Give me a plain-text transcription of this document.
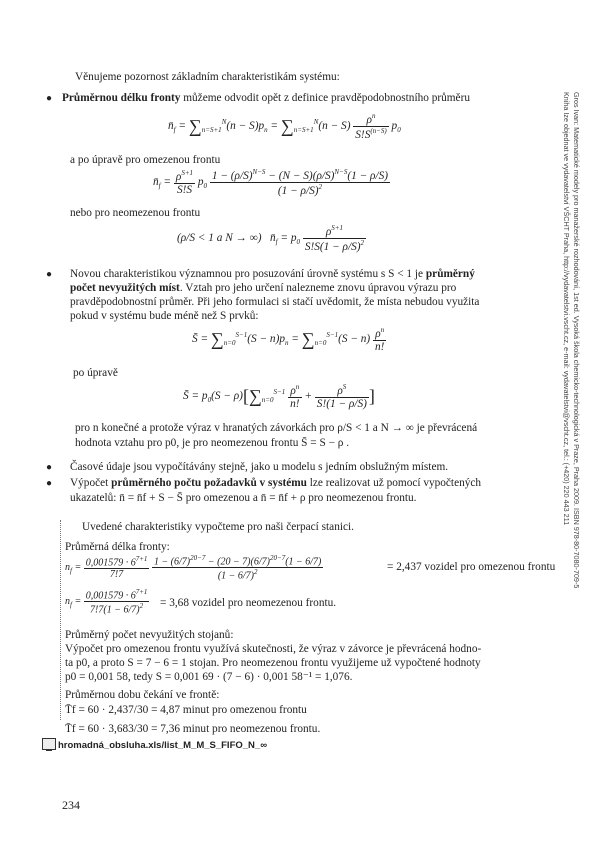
Věnujeme pozornost základním charakteristikám systému:
● Průměrnou délku fronty můžeme odvodit opět z definice pravděpodobnostního průměru
$n̄_f = \sum_{n=S+1}^N(n - S)p_n = \sum_{n=S+1}^N(n - S) \frac{\rho^n}{S!S^{(n-S)}} p_0$
a po úpravě pro omezenou frontu
$n̄_f = \frac{\rho^{S+1}}{S!S} p_0 \frac{1 - (\rho/S)^{N-S} - (N - S)(\rho/S)^{N-S}(1 - \rho/S)}{(1 - \rho/S)^2}$
nebo pro neomezenou frontu
(ρ/S < 1 a N → ∞)   $n̄_f = p_0 \frac{\rho^{S+1}}{S!S(1 - \rho/S)^2}$
● Novou charakteristikou významnou pro posuzování úrovně systému s S < 1 je průměrný
počet nevyužitých míst. Vztah pro jeho určení nalezneme znovu úpravou výrazu pro
pravděpodobnostní průměr. Při jeho formulaci si stačí uvědomit, že místa nebudou využita
pokud v systému bude méně než S prvků:
S̄ = $\sum_{n=0}^{S-1}(S - n)p_n = \sum_{n=0}^{S-1}(S - n) \frac{\rho^n}{n!}$
po úpravě
S̄ = $p_0(S - \rho)[\sum_{n=0}^{S-1} \frac{\rho^n}{n!} + \frac{\rho^S}{S!(1 - \rho/S)}$ ]
pro n konečné a protože výraz v hranatých závorkách pro ρ/S < 1 a N → ∞ je převrácená
hodnota vztahu pro p0, je pro neomezenou frontu S̄ = S − ρ .
● Časové údaje jsou vypočítávány stejně, jako u modelu s jedním obslužným místem.
● Výpočet průměrného počtu požadavků v systému lze realizovat už pomocí vypočtených
ukazatelů: n̄ = n̄f + S − S̄ pro omezenou a n̄ = n̄f + ρ pro neomezenou frontu.
Uvedené charakteristiky vypočteme pro naši čerpací stanici.
Průměrná délka fronty:
$n_f = \frac{0,001579 \cdot 6^{7+1}}{7!7}$
$\frac{1 - (6/7)^{20-7} - (20 - 7)(6/7)^{20-7}(1 - 6/7)}{(1 - 6/7)^2}$	= 2,437 vozidel pro omezenou frontu
$n_f = \frac{0,001579 \cdot 6^{7+1}}{7!7(1 - 6/7)^2} = 3,68$ vozidel pro neomezenou frontu.
Průměrný počet nevyužitých stojanů:
Výpočet pro omezenou frontu využívá skutečnosti, že výraz v závorce je převrácená hodno-
ta p0, a proto S = 7 − 6 = 1 stojan. Pro neomezenou frontu využijeme už vypočtené hodnoty
p0 = 0,001 58, tedy S = 0,001 69 · (7 − 6) · 0,001 58⁻¹ = 1,076.
Průměrnou dobu čekání ve frontě:
T̄f = 60 · 2,437/30 = 4,87 minut pro omezenou frontu
T̄f = 60 · 3,683/30 = 7,36 minut pro neomezenou frontu.
hromadná_obsluha.xls/list_M_M_S_FIFO_N_∞
234
Gros Ivan: Matematické modely pro manažerské rozhodování, 1st ed. Vysoká škola chemicko-technologická v Praze, Praha 2009. ISBN 978-80-7080-709-5
Kniha Ize objednat ve vydavatelství VŠCHT Praha, http://vydavatelstvi.vscht.cz, e-mail: vydavatelstvi@vscht.cz, tel.: (+420) 220 443 211
